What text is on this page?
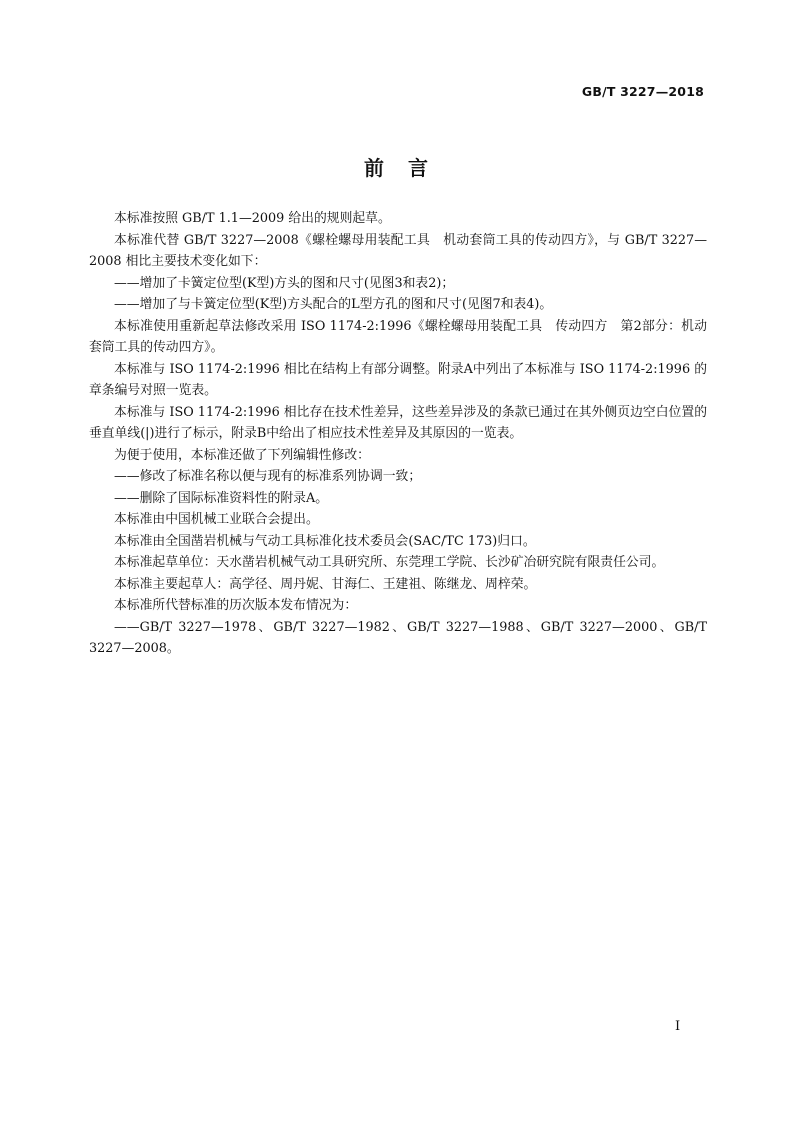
GB/T 3227—2018
前　言

本标准按照 GB/T 1.1—2009 给出的规则起草。

本标准代替 GB/T 3227—2008《螺栓螺母用装配工具　机动套筒工具的传动四方》，与 GB/T 3227—2008 相比主要技术变化如下：

——增加了卡簧定位型(K型)方头的图和尺寸(见图3和表2)；

——增加了与卡簧定位型(K型)方头配合的L型方孔的图和尺寸(见图7和表4)。

本标准使用重新起草法修改采用 ISO 1174-2:1996《螺栓螺母用装配工具　传动四方　第2部分：机动套筒工具的传动四方》。

本标准与 ISO 1174-2:1996 相比在结构上有部分调整。附录A中列出了本标准与 ISO 1174-2:1996 的章条编号对照一览表。

本标准与 ISO 1174-2:1996 相比存在技术性差异，这些差异涉及的条款已通过在其外侧页边空白位置的垂直单线(|)进行了标示，附录B中给出了相应技术性差异及其原因的一览表。

为便于使用，本标准还做了下列编辑性修改：

——修改了标准名称以便与现有的标准系列协调一致；

——删除了国际标准资料性的附录A。

本标准由中国机械工业联合会提出。

本标准由全国凿岩机械与气动工具标准化技术委员会(SAC/TC 173)归口。

本标准起草单位：天水凿岩机械气动工具研究所、东莞理工学院、长沙矿冶研究院有限责任公司。

本标准主要起草人：高学径、周丹妮、甘海仁、王建祖、陈继龙、周梓荣。

本标准所代替标准的历次版本发布情况为：

——GB/T 3227—1978、GB/T 3227—1982、GB/T 3227—1988、GB/T 3227—2000、GB/T 3227—2008。

I
